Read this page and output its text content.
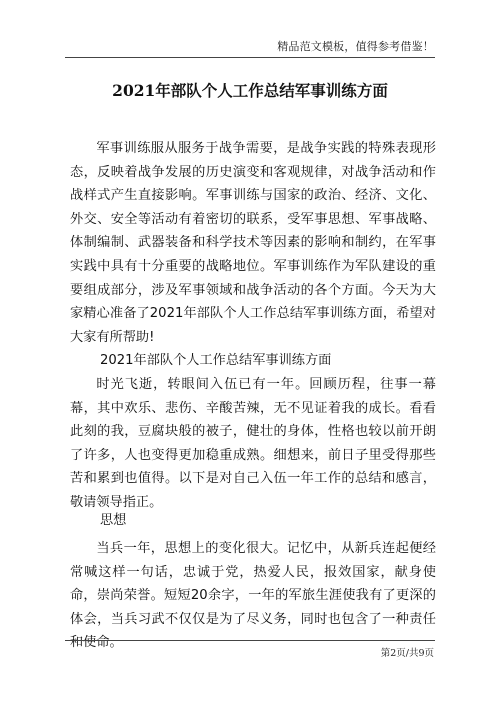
精品范文模板，值得参考借鉴！
2021年部队个人工作总结军事训练方面

军事训练服从服务于战争需要，是战争实践的特殊表现形态，反映着战争发展的历史演变和客观规律，对战争活动和作战样式产生直接影响。军事训练与国家的政治、经济、文化、外交、安全等活动有着密切的联系，受军事思想、军事战略、体制编制、武器装备和科学技术等因素的影响和制约，在军事实践中具有十分重要的战略地位。军事训练作为军队建设的重要组成部分，涉及军事领域和战争活动的各个方面。今天为大家精心准备了2021年部队个人工作总结军事训练方面，希望对大家有所帮助!

2021年部队个人工作总结军事训练方面

时光飞逝，转眼间入伍已有一年。回顾历程，往事一幕幕，其中欢乐、悲伤、辛酸苦辣，无不见证着我的成长。看看此刻的我，豆腐块般的被子，健壮的身体，性格也较以前开朗了许多，人也变得更加稳重成熟。细想来，前日子里受得那些苦和累到也值得。以下是对自己入伍一年工作的总结和感言，敬请领导指正。

思想

当兵一年，思想上的变化很大。记忆中，从新兵连起便经常喊这样一句话，忠诚于党，热爱人民，报效国家，献身使命，崇尚荣誉。短短20余字，一年的军旅生涯使我有了更深的体会，当兵习武不仅仅是为了尽义务，同时也包含了一种责任和使命。

第2页/共9页
